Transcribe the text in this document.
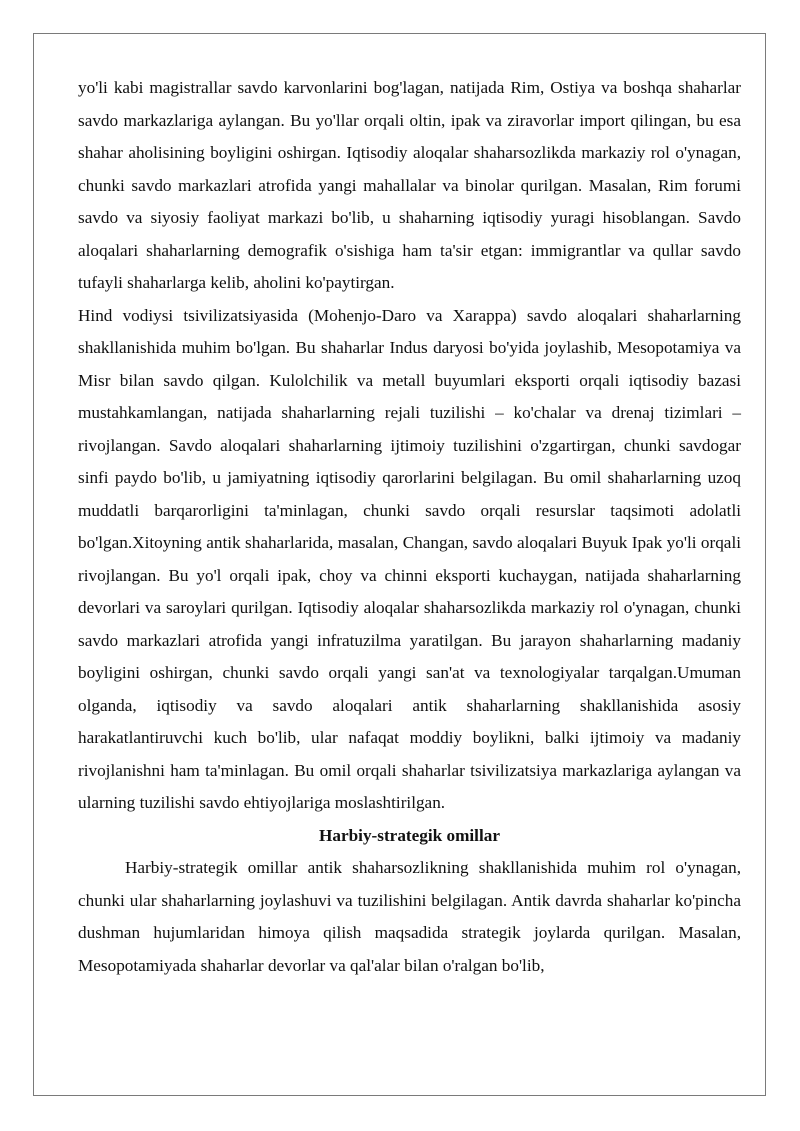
yo'li kabi magistrallar savdo karvonlarini bog'lagan, natijada Rim, Ostiya va boshqa shaharlar savdo markazlariga aylangan. Bu yo'llar orqali oltin, ipak va ziravorlar import qilingan, bu esa shahar aholisining boyligini oshirgan. Iqtisodiy aloqalar shaharsozlikda markaziy rol o'ynagan, chunki savdo markazlari atrofida yangi mahallalar va binolar qurilgan. Masalan, Rim forumi savdo va siyosiy faoliyat markazi bo'lib, u shaharning iqtisodiy yuragi hisoblangan. Savdo aloqalari shaharlarning demografik o'sishiga ham ta'sir etgan: immigrantlar va qullar savdo tufayli shaharlarga kelib, aholini ko'paytirgan.

Hind vodiysi tsivilizatsiyasida (Mohenjo-Daro va Xarappa) savdo aloqalari shaharlarning shakllanishida muhim bo'lgan. Bu shaharlar Indus daryosi bo'yida joylashib, Mesopotamiya va Misr bilan savdo qilgan. Kulolchilik va metall buyumlari eksporti orqali iqtisodiy bazasi mustahkamlangan, natijada shaharlarning rejali tuzilishi – ko'chalar va drenaj tizimlari – rivojlangan. Savdo aloqalari shaharlarning ijtimoiy tuzilishini o'zgartirgan, chunki savdogar sinfi paydo bo'lib, u jamiyatning iqtisodiy qarorlarini belgilagan. Bu omil shaharlarning uzoq muddatli barqarorligini ta'minlagan, chunki savdo orqali resurslar taqsimoti adolatli bo'lgan.Xitoyning antik shaharlarida, masalan, Changan, savdo aloqalari Buyuk Ipak yo'li orqali rivojlangan. Bu yo'l orqali ipak, choy va chinni eksporti kuchaygan, natijada shaharlarning devorlari va saroylari qurilgan. Iqtisodiy aloqalar shaharsozlikda markaziy rol o'ynagan, chunki savdo markazlari atrofida yangi infratuzilma yaratilgan. Bu jarayon shaharlarning madaniy boyligini oshirgan, chunki savdo orqali yangi san'at va texnologiyalar tarqalgan.Umuman olganda, iqtisodiy va savdo aloqalari antik shaharlarning shakllanishida asosiy harakatlantiruvchi kuch bo'lib, ular nafaqat moddiy boylikni, balki ijtimoiy va madaniy rivojlanishni ham ta'minlagan. Bu omil orqali shaharlar tsivilizatsiya markazlariga aylangan va ularning tuzilishi savdo ehtiyojlariga moslashtirilgan.

Harbiy-strategik omillar

Harbiy-strategik omillar antik shaharsozlikning shakllanishida muhim rol o'ynagan, chunki ular shaharlarning joylashuvi va tuzilishini belgilagan. Antik davrda shaharlar ko'pincha dushman hujumlaridan himoya qilish maqsadida strategik joylarda qurilgan. Masalan, Mesopotamiyada shaharlar devorlar va qal'alar bilan o'ralgan bo'lib,
